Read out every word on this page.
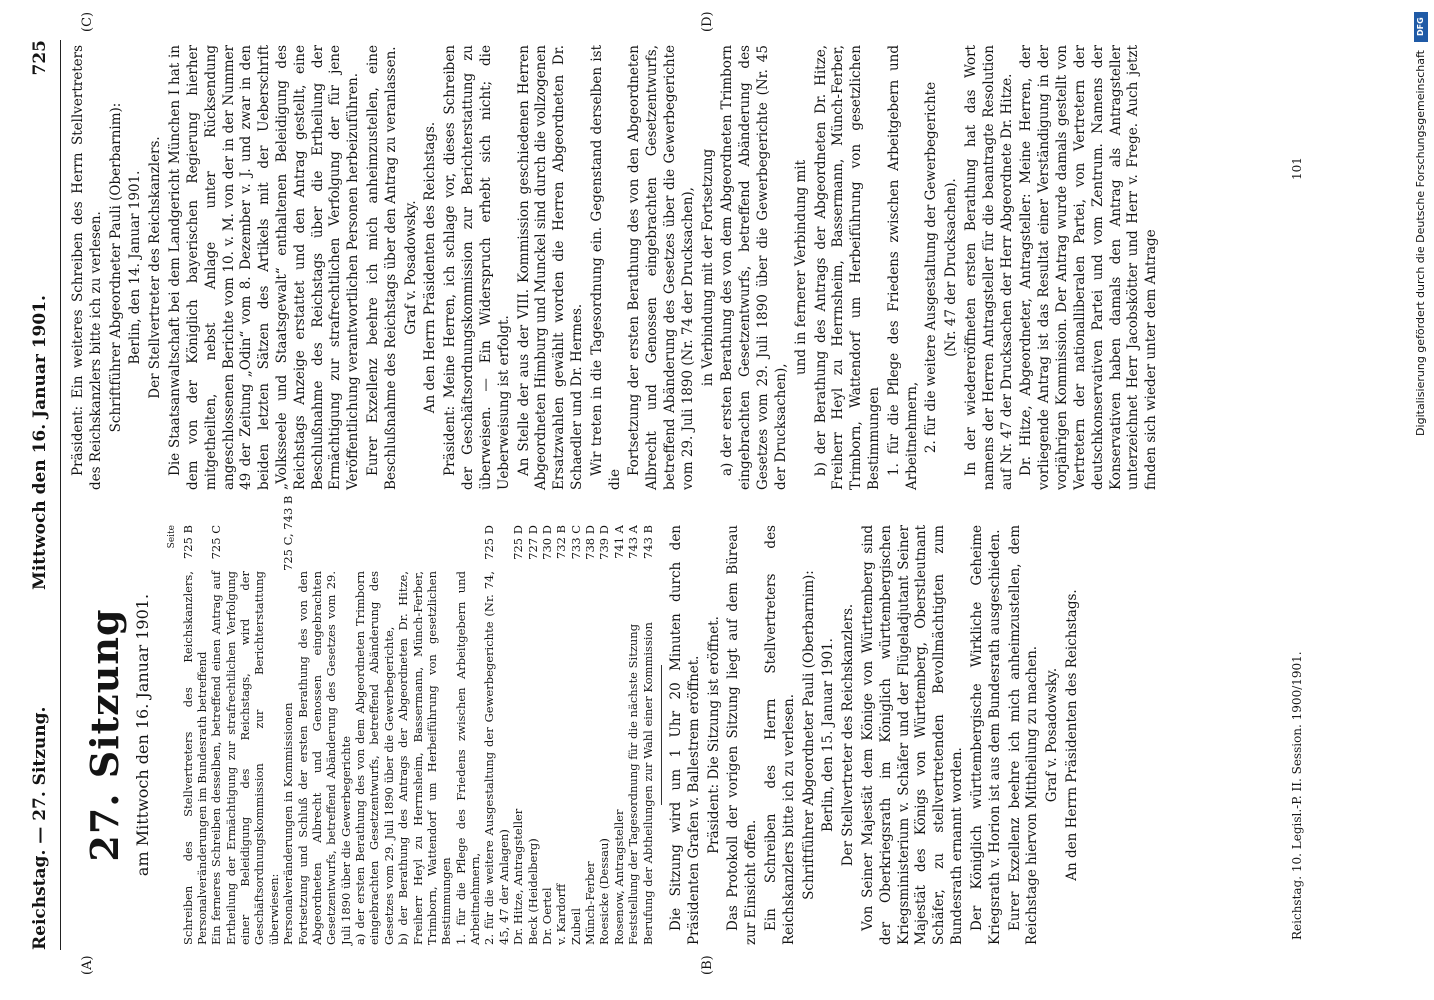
Reichstag. — 27. Sitzung.
Mittwoch den 16. Januar 1901.
725
(A)	(B)
(C)	(D)
27. Sitzung am Mittwoch den 16. Januar 1901.
Seite
Schreiben des Stellvertreters des Reichskanzlers, Personalveränderungen im Bundesrath betreffend
725 B
Ein ferneres Schreiben desselben, betreffend einen Antrag auf Ertheilung der Ermächtigung zur strafrechtlichen Verfolgung einer Beleidigung des Reichstags, wird der Geschäftsordnungskommission zur Berichterstattung überwiesen:
725 C
Personalveränderungen in Kommissionen
725 C, 743 B
Fortsetzung und Schluß der ersten Berathung des von den Abgeordneten Albrecht und Genossen eingebrachten Gesetzentwurfs, betreffend Abänderung des Gesetzes vom 29. Juli 1890 über die Gewerbegerichte a) der ersten Berathung des von dem Abgeordneten Trimborn eingebrachten Gesetzentwurfs, betreffend Abänderung des Gesetzes vom 29. Juli 1890 über die Gewerbegerichte, b) der Berathung des Antrags der Abgeordneten Dr. Hitze, Freiherr Heyl zu Herrnsheim, Bassermann, Münch-Ferber, Trimborn, Wattendorf um Herbeiführung von gesetzlichen Bestimmungen 1. für die Pflege des Friedens zwischen Arbeitgebern und Arbeitnehmern, 2. für die weitere Ausgestaltung der Gewerbegerichte (Nr. 74, 45, 47 der Anlagen)
725 D
Dr. Hitze, Antragsteller
725 D
Beck (Heidelberg)
727 D
Dr. Oertel
730 D
v. Kardorff
732 B
Zubeil
733 C
Münch-Ferber
738 D
Roesicke (Dessau)
739 D
Rosenow, Antragsteller
741 A
Feststellung der Tagesordnung für die nächste Sitzung
743 A
Berufung der Abtheilungen zur Wahl einer Kommission
743 B Die Sitzung wird um 1 Uhr 20 Minuten durch den Präsidenten Grafen v. Ballestrem eröffnet. Präsident: Die Sitzung ist eröffnet. Das Protokoll der vorigen Sitzung liegt auf dem Büreau zur Einsicht offen. Ein Schreiben des Herrn Stellvertreters des Reichskanzlers bitte ich zu verlesen. Schriftführer Abgeordneter Pauli (Oberbarnim): Berlin, den 15. Januar 1901. Der Stellvertreter des Reichskanzlers. Von Seiner Majestät dem Könige von Württemberg sind der Oberkriegsrath im Königlich württembergischen Kriegsministerium v. Schäfer und der Flügeladjutant Seiner Majestät des Königs von Württemberg, Oberstleutnant Schäfer, zu stellvertretenden Bevollmächtigten zum Bundesrath ernannt worden. Der Königlich württembergische Wirkliche Geheime Kriegsrath v. Horion ist aus dem Bundesrath ausgeschieden. Eurer Exzellenz beehre ich mich anheimzustellen, dem Reichstage hiervon Mittheilung zu machen. Graf v. Posadowsky. An den Herrn Präsidenten des Reichstags.

Präsident: Ein weiteres Schreiben des Herrn Stellvertreters des Reichskanzlers bitte ich zu verlesen. Schriftführer Abgeordneter Pauli (Oberbarnim): Berlin, den 14. Januar 1901. Der Stellvertreter des Reichskanzlers. Die Staatsanwaltschaft bei dem Landgericht München I hat in dem von der Königlich bayerischen Regierung hierher mitgetheilten, nebst Anlage unter Rücksendung angeschlossenen Berichte vom 10. v. M. von der in der Nummer 49 der Zeitung „Odin“ vom 8. Dezember v. J. und zwar in den beiden letzten Sätzen des Artikels mit der Ueberschrift „Volksseele und Staatsgewalt“ enthaltenen Beleidigung des Reichstags Anzeige erstattet und den Antrag gestellt, eine Beschlußnahme des Reichstags über die Ertheilung der Ermächtigung zur strafrechtlichen Verfolgung der für jene Veröffentlichung verantwortlichen Personen herbeizuführen. Eurer Exzellenz beehre ich mich anheimzustellen, eine Beschlußnahme des Reichstags über den Antrag zu veranlassen. Graf v. Posadowsky. An den Herrn Präsidenten des Reichstags. Präsident: Meine Herren, ich schlage vor, dieses Schreiben der Geschäftsordnungskommission zur Berichterstattung zu überweisen. — Ein Widerspruch erhebt sich nicht; die Ueberweisung ist erfolgt. An Stelle der aus der VIII. Kommission geschiedenen Herren Abgeordneten Himburg und Munckel sind durch die vollzogenen Ersatzwahlen gewählt worden die Herren Abgeordneten Dr. Schaedler und Dr. Hermes. Wir treten in die Tagesordnung ein. Gegenstand derselben ist die

Fortsetzung der ersten Berathung des von den Abgeordneten Albrecht und Genossen eingebrachten Gesetzentwurfs, betreffend Abänderung des Gesetzes über die Gewerbegerichte vom 29. Juli 1890 (Nr. 74 der Drucksachen), in Verbindung mit der Fortsetzung a) der ersten Berathung des von dem Abgeordneten Trimborn eingebrachten Gesetzentwurfs, betreffend Abänderung des Gesetzes vom 29. Juli 1890 über die Gewerbegerichte (Nr. 45 der Drucksachen),

und in fernerer Verbindung mit b) der Berathung des Antrags der Abgeordneten Dr. Hitze, Freiherr Heyl zu Herrnsheim, Bassermann, Münch-Ferber, Trimborn, Wattendorf um Herbeiführung von gesetzlichen Bestimmungen 1. für die Pflege des Friedens zwischen Arbeitgebern und Arbeitnehmern, 2. für die weitere Ausgestaltung der Gewerbegerichte (Nr. 47 der Drucksachen). In der wiedereröffneten ersten Berathung hat das Wort namens der Herren Antragsteller für die beantragte Resolution auf Nr. 47 der Drucksachen der Herr Abgeordnete Dr. Hitze. Dr. Hitze, Abgeordneter, Antragsteller: Meine Herren, der vorliegende Antrag ist das Resultat einer Verständigung in der vorjährigen Kommission. Der Antrag wurde damals gestellt von Vertretern der nationalliberalen Partei, von Vertretern der deutschkonservativen Partei und vom Zentrum. Namens der Konservativen haben damals den Antrag als Antragsteller unterzeichnet Herr Jacobskötter und Herr v. Frege. Auch jetzt finden sich wieder unter dem Antrage

Reichstag. 10. Legisl.-P. II. Session. 1900/1901.
101
DFG
Digitalisierung gefördert durch die Deutsche Forschungsgemeinschaft
